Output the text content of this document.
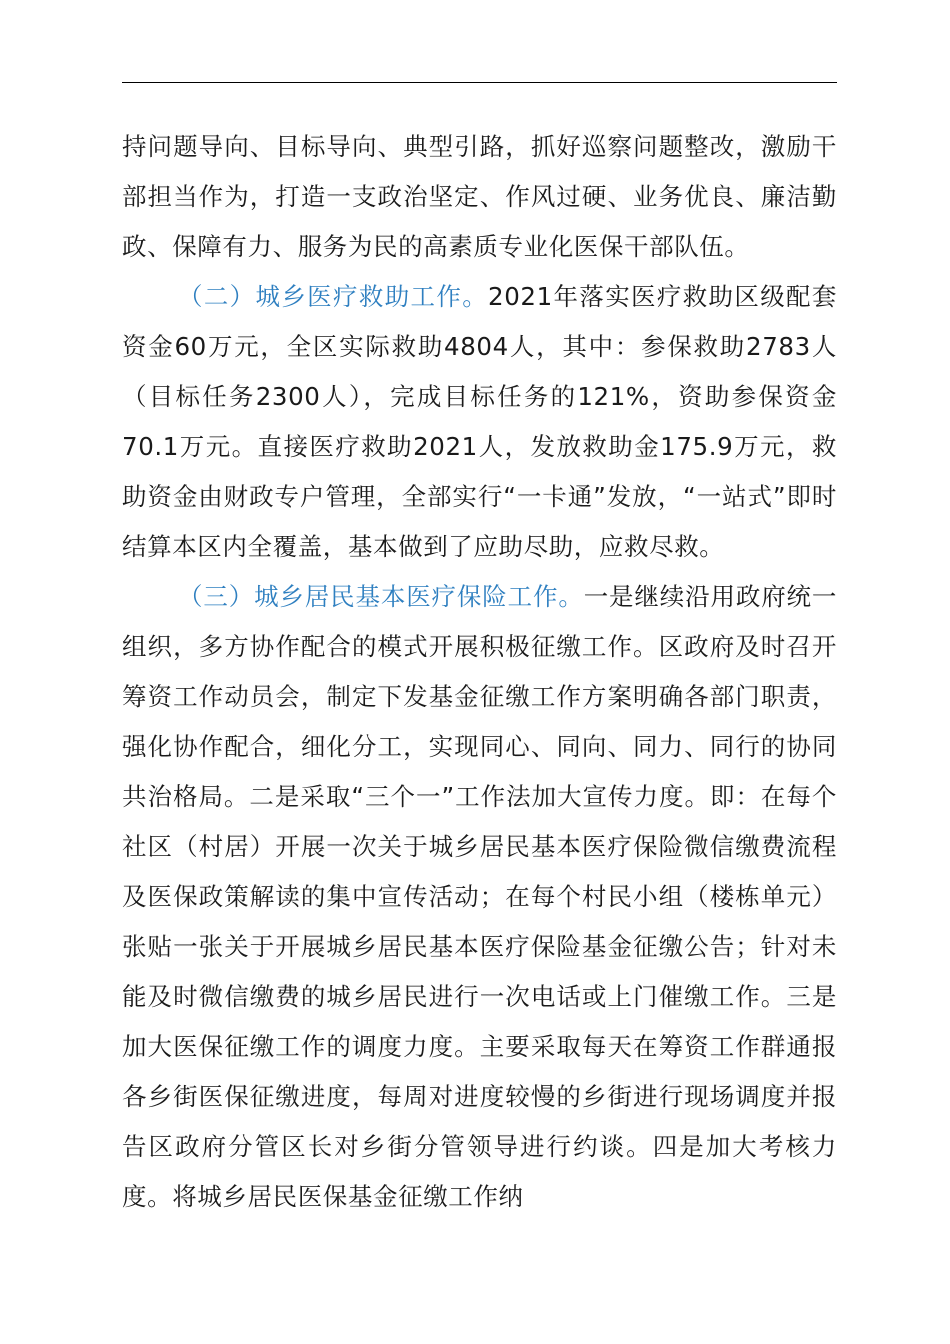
持问题导向、目标导向、典型引路，抓好巡察问题整改，激励干部担当作为，打造一支政治坚定、作风过硬、业务优良、廉洁勤政、保障有力、服务为民的高素质专业化医保干部队伍。

（二）城乡医疗救助工作。2021年落实医疗救助区级配套资金60万元，全区实际救助4804人，其中：参保救助2783人（目标任务2300人），完成目标任务的121%，资助参保资金70.1万元。直接医疗救助2021人，发放救助金175.9万元，救助资金由财政专户管理，全部实行“一卡通”发放，“一站式”即时结算本区内全覆盖，基本做到了应助尽助，应救尽救。

（三）城乡居民基本医疗保险工作。一是继续沿用政府统一组织，多方协作配合的模式开展积极征缴工作。区政府及时召开筹资工作动员会，制定下发基金征缴工作方案明确各部门职责，强化协作配合，细化分工，实现同心、同向、同力、同行的协同共治格局。二是采取“三个一”工作法加大宣传力度。即：在每个社区（村居）开展一次关于城乡居民基本医疗保险微信缴费流程及医保政策解读的集中宣传活动；在每个村民小组（楼栋单元）张贴一张关于开展城乡居民基本医疗保险基金征缴公告；针对未能及时微信缴费的城乡居民进行一次电话或上门催缴工作。三是加大医保征缴工作的调度力度。主要采取每天在筹资工作群通报各乡街医保征缴进度，每周对进度较慢的乡街进行现场调度并报告区政府分管区长对乡街分管领导进行约谈。四是加大考核力度。将城乡居民医保基金征缴工作纳
